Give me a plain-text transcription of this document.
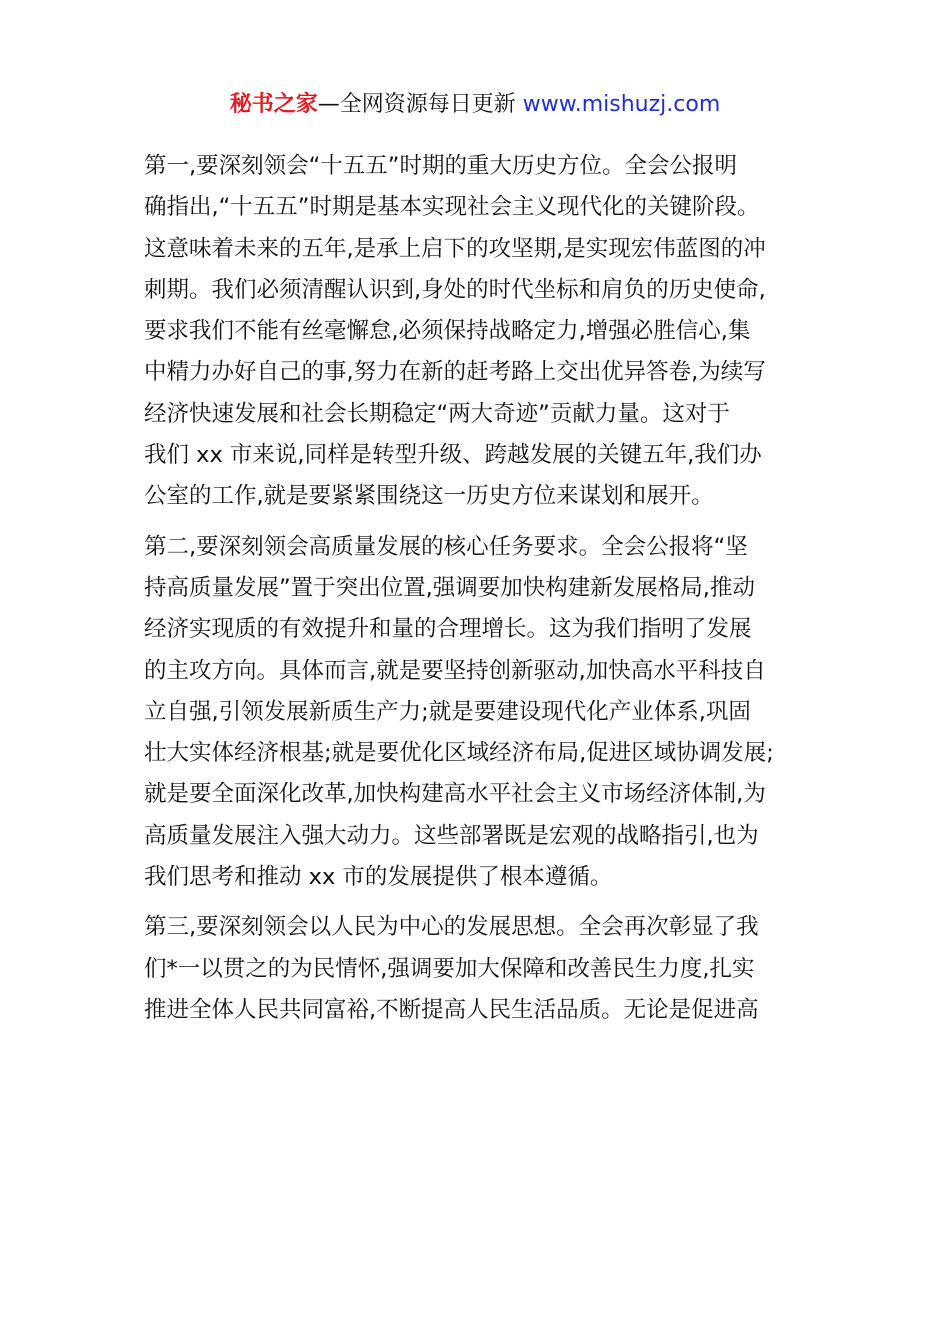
秘书之家—全网资源每日更新 www.mishuzj.com
第一,要深刻领会“十五五”时期的重大历史方位。全会公报明
确指出,“十五五”时期是基本实现社会主义现代化的关键阶段。
这意味着未来的五年,是承上启下的攻坚期,是实现宏伟蓝图的冲
刺期。我们必须清醒认识到,身处的时代坐标和肩负的历史使命,
要求我们不能有丝毫懈怠,必须保持战略定力,增强必胜信心,集
中精力办好自己的事,努力在新的赶考路上交出优异答卷,为续写
经济快速发展和社会长期稳定“两大奇迹”贡献力量。这对于
我们 xx 市来说,同样是转型升级、跨越发展的关键五年,我们办
公室的工作,就是要紧紧围绕这一历史方位来谋划和展开。
第二,要深刻领会高质量发展的核心任务要求。全会公报将“坚
持高质量发展”置于突出位置,强调要加快构建新发展格局,推动
经济实现质的有效提升和量的合理增长。这为我们指明了发展
的主攻方向。具体而言,就是要坚持创新驱动,加快高水平科技自
立自强,引领发展新质生产力;就是要建设现代化产业体系,巩固
壮大实体经济根基;就是要优化区域经济布局,促进区域协调发展;
就是要全面深化改革,加快构建高水平社会主义市场经济体制,为
高质量发展注入强大动力。这些部署既是宏观的战略指引,也为
我们思考和推动 xx 市的发展提供了根本遵循。
第三,要深刻领会以人民为中心的发展思想。全会再次彰显了我
们*一以贯之的为民情怀,强调要加大保障和改善民生力度,扎实
推进全体人民共同富裕,不断提高人民生活品质。无论是促进高
